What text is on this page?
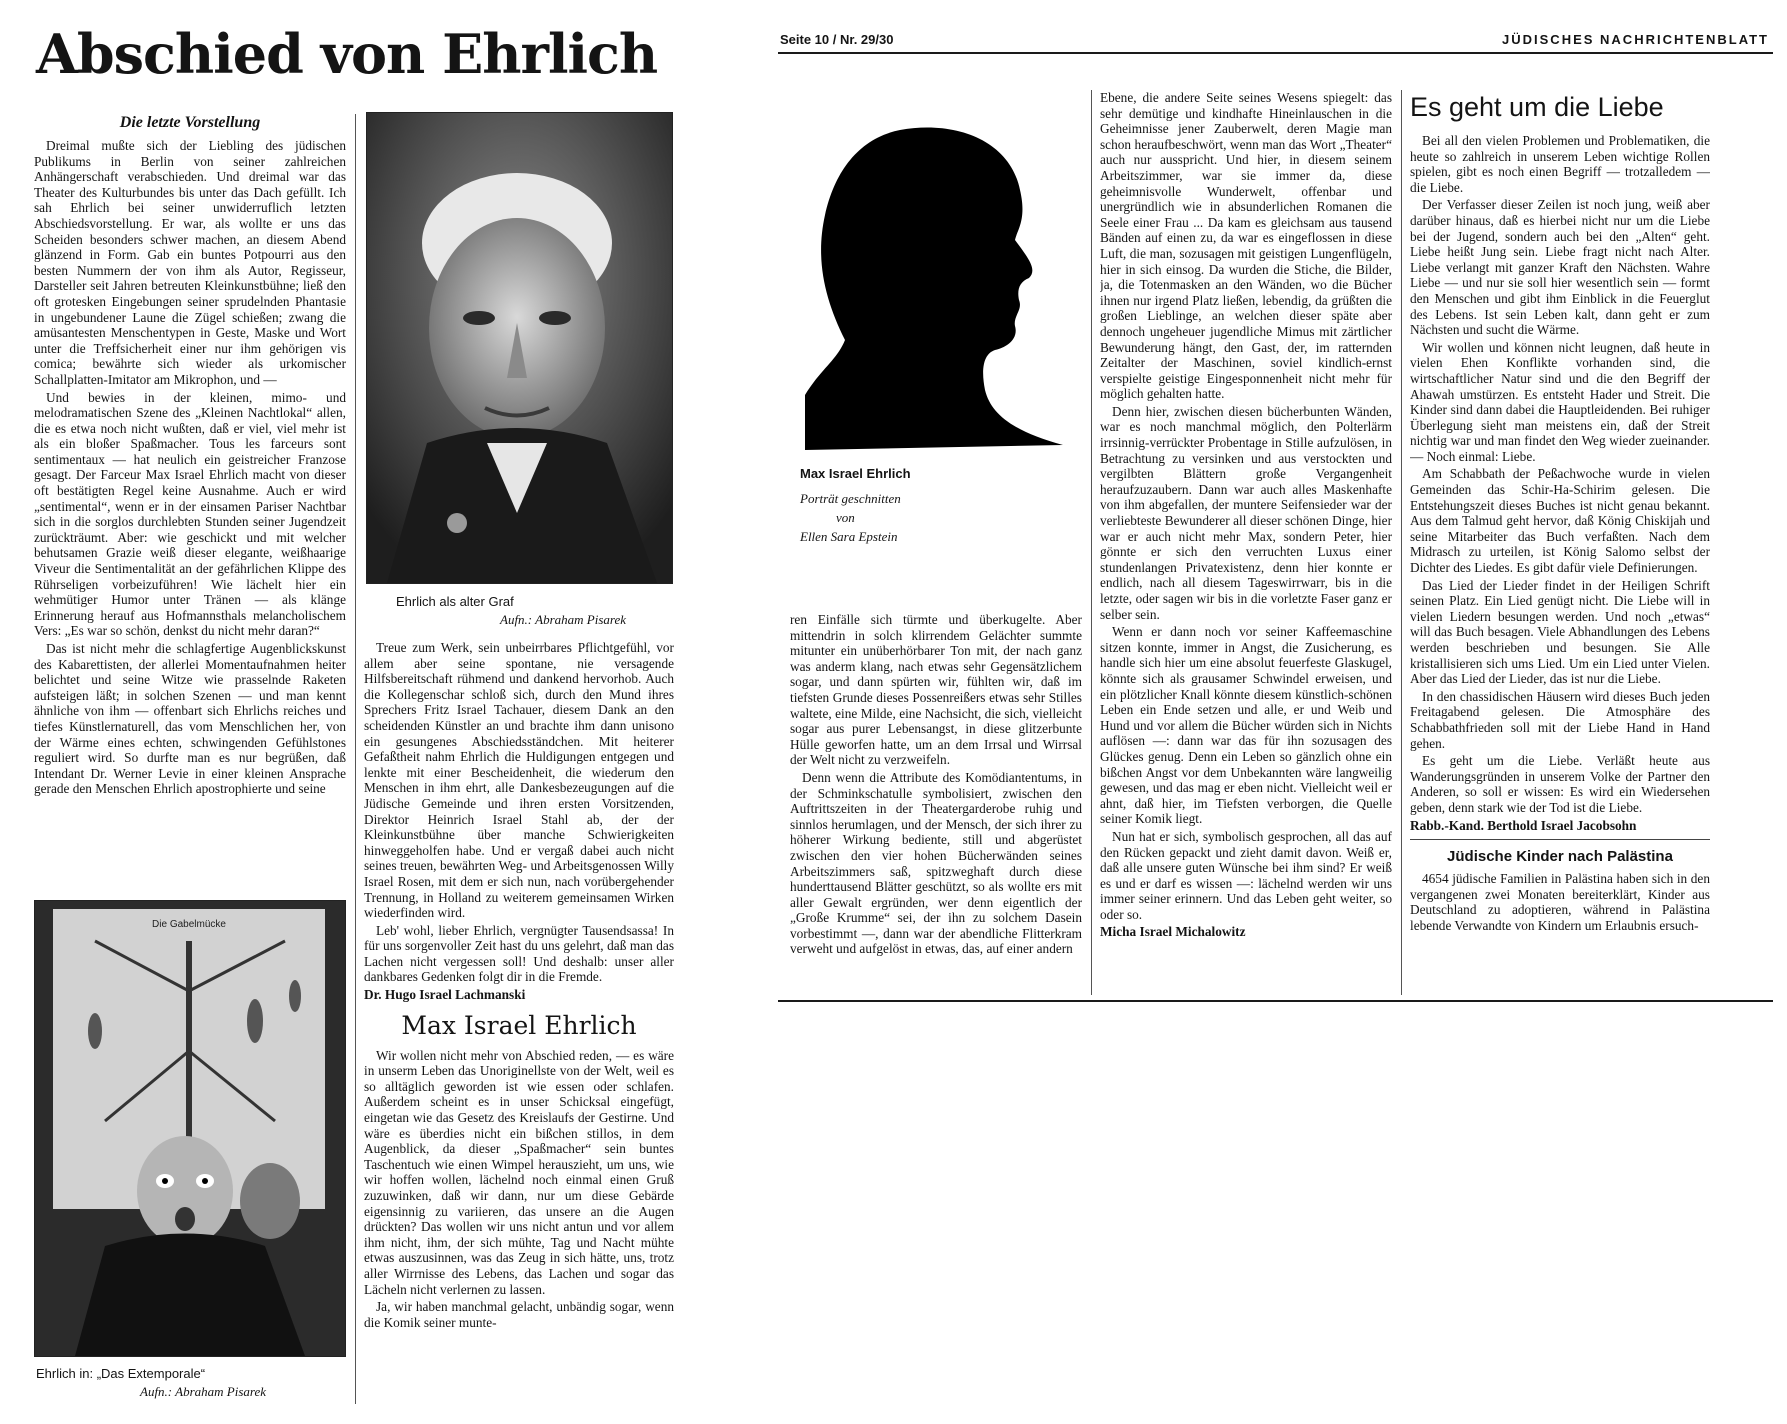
Abschied von Ehrlich
Die letzte Vorstellung

Dreimal mußte sich der Liebling des jüdischen Publikums in Berlin von seiner zahlreichen Anhängerschaft verabschieden. Und dreimal war das Theater des Kulturbundes bis unter das Dach gefüllt. Ich sah Ehrlich bei seiner unwiderruflich letzten Abschiedsvorstellung. Er war, als wollte er uns das Scheiden besonders schwer machen, an diesem Abend glänzend in Form. Gab ein buntes Potpourri aus den besten Nummern der von ihm als Autor, Regisseur, Darsteller seit Jahren betreuten Kleinkunstbühne; ließ den oft grotesken Eingebungen seiner sprudelnden Phantasie in ungebundener Laune die Zügel schießen; zwang die amüsantesten Menschentypen in Geste, Maske und Wort unter die Treffsicherheit einer nur ihm gehörigen vis comica; bewährte sich wieder als urkomischer Schallplatten-Imitator am Mikrophon, und —

Und bewies in der kleinen, mimo- und melodramatischen Szene des „Kleinen Nachtlokal“ allen, die es etwa noch nicht wußten, daß er viel, viel mehr ist als ein bloßer Spaßmacher. Tous les farceurs sont sentimentaux — hat neulich ein geistreicher Franzose gesagt. Der Farceur Max Israel Ehrlich macht von dieser oft bestätigten Regel keine Ausnahme. Auch er wird „sentimental“, wenn er in der einsamen Pariser Nachtbar sich in die sorglos durchlebten Stunden seiner Jugendzeit zurückträumt. Aber: wie geschickt und mit welcher behutsamen Grazie weiß dieser elegante, weißhaarige Viveur die Sentimentalität an der gefährlichen Klippe des Rührseligen vorbeizuführen! Wie lächelt hier ein wehmütiger Humor unter Tränen — als klänge Erinnerung herauf aus Hofmannsthals melancholischem Vers: „Es war so schön, denkst du nicht mehr daran?“

Das ist nicht mehr die schlagfertige Augenblickskunst des Kabarettisten, der allerlei Momentaufnahmen heiter belichtet und seine Witze wie prasselnde Raketen aufsteigen läßt; in solchen Szenen — und man kennt ähnliche von ihm — offenbart sich Ehrlichs reiches und tiefes Künstlernaturell, das vom Menschlichen her, von der Wärme eines echten, schwingenden Gefühlstones reguliert wird. So durfte man es nur begrüßen, daß Intendant Dr. Werner Levie in einer kleinen Ansprache gerade den Menschen Ehrlich apostrophierte und seine

Ehrlich als alter Graf
Aufn.: Abraham Pisarek
Die Gabelmücke
Ehrlich in: „Das Extemporale“
Aufn.: Abraham Pisarek

Treue zum Werk, sein unbeirrbares Pflichtgefühl, vor allem aber seine spontane, nie versagende Hilfsbereitschaft rühmend und dankend hervorhob. Auch die Kollegenschar schloß sich, durch den Mund ihres Sprechers Fritz Israel Tachauer, diesem Dank an den scheidenden Künstler an und brachte ihm dann unisono ein gesungenes Abschiedsständchen. Mit heiterer Gefaßtheit nahm Ehrlich die Huldigungen entgegen und lenkte mit einer Bescheidenheit, die wiederum den Menschen in ihm ehrt, alle Dankesbezeugungen auf die Jüdische Gemeinde und ihren ersten Vorsitzenden, Direktor Heinrich Israel Stahl ab, der der Kleinkunstbühne über manche Schwierigkeiten hinweggeholfen habe. Und er vergaß dabei auch nicht seines treuen, bewährten Weg- und Arbeitsgenossen Willy Israel Rosen, mit dem er sich nun, nach vorübergehender Trennung, in Holland zu weiterem gemeinsamen Wirken wiederfinden wird.

Leb' wohl, lieber Ehrlich, vergnügter Tausendsassa! In für uns sorgenvoller Zeit hast du uns gelehrt, daß man das Lachen nicht vergessen soll! Und deshalb: unser aller dankbares Gedenken folgt dir in die Fremde.

Dr. Hugo Israel Lachmanski

Max Israel Ehrlich

Wir wollen nicht mehr von Abschied reden, — es wäre in unserm Leben das Unoriginellste von der Welt, weil es so alltäglich geworden ist wie essen oder schlafen. Außerdem scheint es in unser Schicksal eingefügt, eingetan wie das Gesetz des Kreislaufs der Gestirne. Und wäre es überdies nicht ein bißchen stillos, in dem Augenblick, da dieser „Spaßmacher“ sein buntes Taschentuch wie einen Wimpel herauszieht, um uns, wie wir hoffen wollen, lächelnd noch einmal einen Gruß zuzuwinken, daß wir dann, nur um diese Gebärde eigensinnig zu variieren, das unsere an die Augen drückten? Das wollen wir uns nicht antun und vor allem ihm nicht, ihm, der sich mühte, Tag und Nacht mühte etwas auszusinnen, was das Zeug in sich hätte, uns, trotz aller Wirrnisse des Lebens, das Lachen und sogar das Lächeln nicht verlernen zu lassen.

Ja, wir haben manchmal gelacht, unbändig sogar, wenn die Komik seiner munte-

Seite 10 / Nr. 29/30	JÜDISCHES NACHRICHTENBLATT
Max Israel Ehrlich
Porträt geschnitten
von
Ellen Sara Epstein

ren Einfälle sich türmte und überkugelte. Aber mittendrin in solch klirrendem Gelächter summte mitunter ein unüberhörbarer Ton mit, der nach ganz was anderm klang, nach etwas sehr Gegensätzlichem sogar, und dann spürten wir, fühlten wir, daß im tiefsten Grunde dieses Possenreißers etwas sehr Stilles waltete, eine Milde, eine Nachsicht, die sich, vielleicht sogar aus purer Lebensangst, in diese glitzerbunte Hülle geworfen hatte, um an dem Irrsal und Wirrsal der Welt nicht zu verzweifeln.

Denn wenn die Attribute des Komödiantentums, in der Schminkschatulle symbolisiert, zwischen den Auftrittszeiten in der Theatergarderobe ruhig und sinnlos herumlagen, und der Mensch, der sich ihrer zu höherer Wirkung bediente, still und abgerüstet zwischen den vier hohen Bücherwänden seines Arbeitszimmers saß, spitzweghaft durch diese hunderttausend Blätter geschützt, so als wollte ers mit aller Gewalt ergründen, wer denn eigentlich der „Große Krumme“ sei, der ihn zu solchem Dasein vorbestimmt —, dann war der abendliche Flitterkram verweht und aufgelöst in etwas, das, auf einer andern

Ebene, die andere Seite seines Wesens spiegelt: das sehr demütige und kindhafte Hineinlauschen in die Geheimnisse jener Zauberwelt, deren Magie man schon heraufbeschwört, wenn man das Wort „Theater“ auch nur ausspricht. Und hier, in diesem seinem Arbeitszimmer, war sie immer da, diese geheimnisvolle Wunderwelt, offenbar und unergründlich wie in absunderlichen Romanen die Seele einer Frau ... Da kam es gleichsam aus tausend Bänden auf einen zu, da war es eingeflossen in diese Luft, die man, sozusagen mit geistigen Lungenflügeln, hier in sich einsog. Da wurden die Stiche, die Bilder, ja, die Totenmasken an den Wänden, wo die Bücher ihnen nur irgend Platz ließen, lebendig, da grüßten die großen Lieblinge, an welchen dieser späte aber dennoch ungeheuer jugendliche Mimus mit zärtlicher Bewunderung hängt, den Gast, der, im ratternden Zeitalter der Maschinen, soviel kindlich-ernst verspielte geistige Eingesponnenheit nicht mehr für möglich gehalten hatte.

Denn hier, zwischen diesen bücherbunten Wänden, war es noch manchmal möglich, den Polterlärm irrsinnig-verrückter Probentage in Stille aufzulösen, in Betrachtung zu versinken und aus verstockten und vergilbten Blättern große Vergangenheit heraufzuzaubern. Dann war auch alles Maskenhafte von ihm abgefallen, der muntere Seifensieder war der verliebteste Bewunderer all dieser schönen Dinge, hier war er auch nicht mehr Max, sondern Peter, hier gönnte er sich den verruchten Luxus einer stundenlangen Privatexistenz, denn hier konnte er endlich, nach all diesem Tageswirrwarr, bis in die letzte, oder sagen wir bis in die vorletzte Faser ganz er selber sein.

Wenn er dann noch vor seiner Kaffeemaschine sitzen konnte, immer in Angst, die Zusicherung, es handle sich hier um eine absolut feuerfeste Glaskugel, könnte sich als grausamer Schwindel erweisen, und ein plötzlicher Knall könnte diesem künstlich-schönen Leben ein Ende setzen und alle, er und Weib und Hund und vor allem die Bücher würden sich in Nichts auflösen —: dann war das für ihn sozusagen des Glückes genug. Denn ein Leben so gänzlich ohne ein bißchen Angst vor dem Unbekannten wäre langweilig gewesen, und das mag er eben nicht. Vielleicht weil er ahnt, daß hier, im Tiefsten verborgen, die Quelle seiner Komik liegt.

Nun hat er sich, symbolisch gesprochen, all das auf den Rücken gepackt und zieht damit davon. Weiß er, daß alle unsere guten Wünsche bei ihm sind? Er weiß es und er darf es wissen —: lächelnd werden wir uns immer seiner erinnern. Und das Leben geht weiter, so oder so.

Micha Israel Michalowitz

Es geht um die Liebe

Bei all den vielen Problemen und Problematiken, die heute so zahlreich in unserem Leben wichtige Rollen spielen, gibt es noch einen Begriff — trotzalledem — die Liebe.

Der Verfasser dieser Zeilen ist noch jung, weiß aber darüber hinaus, daß es hierbei nicht nur um die Liebe bei der Jugend, sondern auch bei den „Alten“ geht. Liebe heißt Jung sein. Liebe fragt nicht nach Alter. Liebe verlangt mit ganzer Kraft den Nächsten. Wahre Liebe — und nur sie soll hier wesentlich sein — formt den Menschen und gibt ihm Einblick in die Feuerglut des Lebens. Ist sein Leben kalt, dann geht er zum Nächsten und sucht die Wärme.

Wir wollen und können nicht leugnen, daß heute in vielen Ehen Konflikte vorhanden sind, die wirtschaftlicher Natur sind und die den Begriff der Ahawah umstürzen. Es entsteht Hader und Streit. Die Kinder sind dann dabei die Hauptleidenden. Bei ruhiger Überlegung sieht man meistens ein, daß der Streit nichtig war und man findet den Weg wieder zueinander. — Noch einmal: Liebe.

Am Schabbath der Peßachwoche wurde in vielen Gemeinden das Schir-Ha-Schirim gelesen. Die Entstehungszeit dieses Buches ist nicht genau bekannt. Aus dem Talmud geht hervor, daß König Chiskijah und seine Mitarbeiter das Buch verfaßten. Nach dem Midrasch zu urteilen, ist König Salomo selbst der Dichter des Liedes. Es gibt dafür viele Definierungen.

Das Lied der Lieder findet in der Heiligen Schrift seinen Platz. Ein Lied genügt nicht. Die Liebe will in vielen Liedern besungen werden. Und noch „etwas“ will das Buch besagen. Viele Abhandlungen des Lebens werden beschrieben und besungen. Sie Alle kristallisieren sich ums Lied. Um ein Lied unter Vielen. Aber das Lied der Lieder, das ist nur die Liebe.

In den chassidischen Häusern wird dieses Buch jeden Freitagabend gelesen. Die Atmosphäre des Schabbathfrieden soll mit der Liebe Hand in Hand gehen.

Es geht um die Liebe. Verläßt heute aus Wanderungsgründen in unserem Volke der Partner den Anderen, so soll er wissen: Es wird ein Wiedersehen geben, denn stark wie der Tod ist die Liebe.

Rabb.-Kand. Berthold Israel Jacobsohn

Jüdische Kinder nach Palästina

4654 jüdische Familien in Palästina haben sich in den vergangenen zwei Monaten bereiterklärt, Kinder aus Deutschland zu adoptieren, während in Palästina lebende Verwandte von Kindern um Erlaubnis ersuch-
